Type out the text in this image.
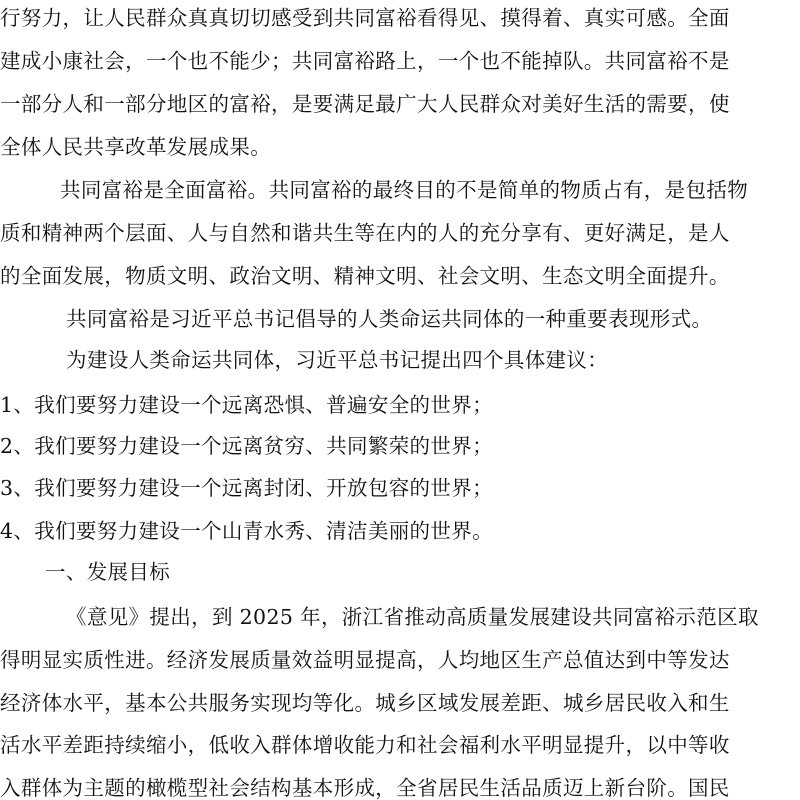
行努力，让人民群众真真切切感受到共同富裕看得见、摸得着、真实可感。全面
建成小康社会，一个也不能少；共同富裕路上，一个也不能掉队。共同富裕不是
一部分人和一部分地区的富裕，是要满足最广大人民群众对美好生活的需要，使
全体人民共享改革发展成果。
共同富裕是全面富裕。共同富裕的最终目的不是简单的物质占有，是包括物
质和精神两个层面、人与自然和谐共生等在内的人的充分享有、更好满足，是人
的全面发展，物质文明、政治文明、精神文明、社会文明、生态文明全面提升。
共同富裕是习近平总书记倡导的人类命运共同体的一种重要表现形式。
为建设人类命运共同体，习近平总书记提出四个具体建议：
1、我们要努力建设一个远离恐惧、普遍安全的世界；
2、我们要努力建设一个远离贫穷、共同繁荣的世界；
3、我们要努力建设一个远离封闭、开放包容的世界；
4、我们要努力建设一个山青水秀、清洁美丽的世界。
一、发展目标
《意见》提出，到 2025 年，浙江省推动高质量发展建设共同富裕示范区取
得明显实质性进。经济发展质量效益明显提高，人均地区生产总值达到中等发达
经济体水平，基本公共服务实现均等化。城乡区域发展差距、城乡居民收入和生
活水平差距持续缩小，低收入群体增收能力和社会福利水平明显提升，以中等收
入群体为主题的橄榄型社会结构基本形成，全省居民生活品质迈上新台阶。国民
